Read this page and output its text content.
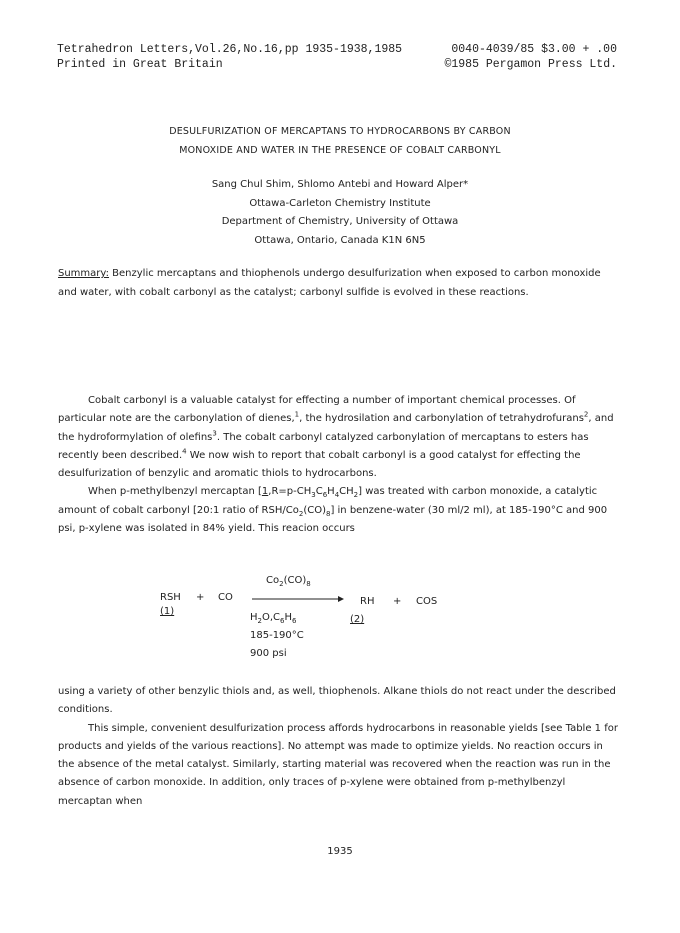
Tetrahedron Letters,Vol.26,No.16,pp 1935-1938,1985	0040-4039/85 $3.00 + .00
Printed in Great Britain	©1985 Pergamon Press Ltd.
DESULFURIZATION OF MERCAPTANS TO HYDROCARBONS BY CARBON
MONOXIDE AND WATER IN THE PRESENCE OF COBALT CARBONYL
Sang Chul Shim, Shlomo Antebi and Howard Alper*
Ottawa-Carleton Chemistry Institute
Department of Chemistry, University of Ottawa
Ottawa, Ontario, Canada K1N 6N5
Summary: Benzylic mercaptans and thiophenols undergo desulfurization when exposed to carbon monoxide and water, with cobalt carbonyl as the catalyst; carbonyl sulfide is evolved in these reactions.

Cobalt carbonyl is a valuable catalyst for effecting a number of important chemical processes. Of particular note are the carbonylation of dienes,$^1$, the hydrosilation and carbonylation of tetrahydrofurans$^2$, and the hydroformylation of olefins$^3$. The cobalt carbonyl catalyzed carbonylation of mercaptans to esters has recently been described.$^4$ We now wish to report that cobalt carbonyl is a good catalyst for effecting the desulfurization of benzylic and aromatic thiols to hydrocarbons.

When p-methylbenzyl mercaptan $[1,R=p-CH_3C_6H_4CH_2]$ was treated with carbon monoxide, a catalytic amount of cobalt carbonyl [20:1 ratio of RSH/$Co_2(CO)_8$] in benzene-water (30 ml/2 ml), at 185-190°C and 900 psi, p-xylene was isolated in 84% yield. This reacion occurs

RSH
(1)
+ CO
$Co_2(CO)_8$
RH
(2)
+ COS
$H_2O,C_6H_6$
185-190°C
900 psi

using a variety of other benzylic thiols and, as well, thiophenols. Alkane thiols do not react under the described conditions.

This simple, convenient desulfurization process affords hydrocarbons in reasonable yields [see Table 1 for products and yields of the various reactions]. No attempt was made to optimize yields. No reaction occurs in the absence of the metal catalyst. Similarly, starting material was recovered when the reaction was run in the absence of carbon monoxide. In addition, only traces of p-xylene were obtained from p-methylbenzyl mercaptan when

1935
